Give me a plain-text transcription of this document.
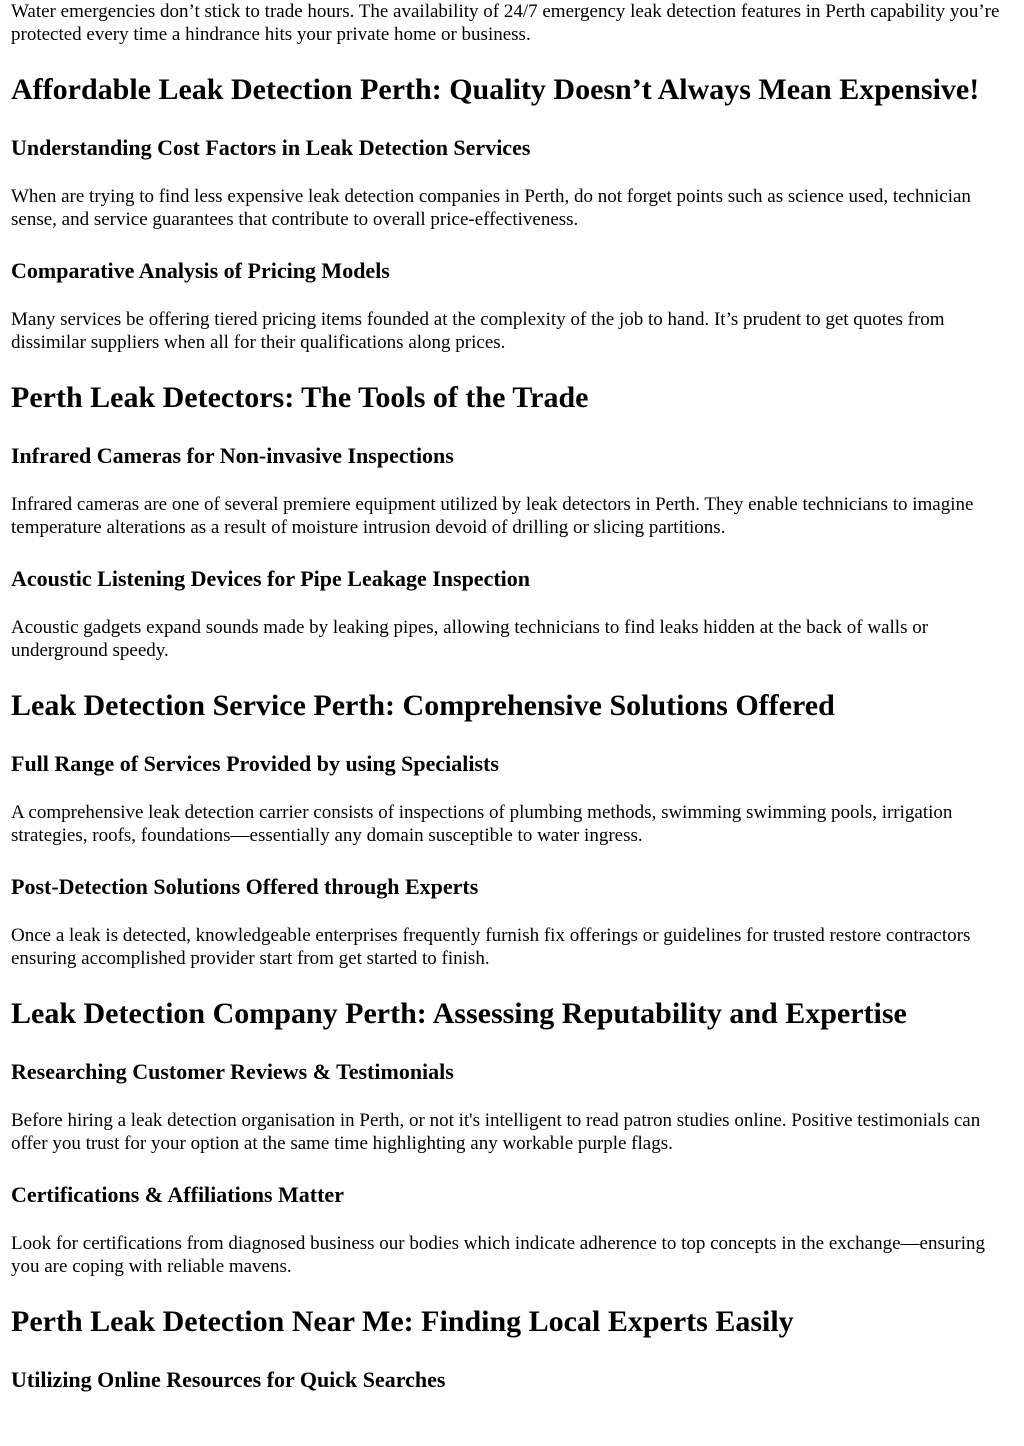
Water emergencies don’t stick to trade hours. The availability of 24/7 emergency leak detection features in Perth capability you’re protected every time a hindrance hits your private home or business.

Affordable Leak Detection Perth: Quality Doesn’t Always Mean Expensive!
Understanding Cost Factors in Leak Detection Services

When are trying to find less expensive leak detection companies in Perth, do not forget points such as science used, technician sense, and service guarantees that contribute to overall price-effectiveness.

Comparative Analysis of Pricing Models

Many services be offering tiered pricing items founded at the complexity of the job to hand. It’s prudent to get quotes from dissimilar suppliers when all for their qualifications along prices.

Perth Leak Detectors: The Tools of the Trade
Infrared Cameras for Non-invasive Inspections

Infrared cameras are one of several premiere equipment utilized by leak detectors in Perth. They enable technicians to imagine temperature alterations as a result of moisture intrusion devoid of drilling or slicing partitions.

Acoustic Listening Devices for Pipe Leakage Inspection

Acoustic gadgets expand sounds made by leaking pipes, allowing technicians to find leaks hidden at the back of walls or underground speedy.

Leak Detection Service Perth: Comprehensive Solutions Offered
Full Range of Services Provided by using Specialists

A comprehensive leak detection carrier consists of inspections of plumbing methods, swimming swimming pools, irrigation strategies, roofs, foundations—essentially any domain susceptible to water ingress.

Post-Detection Solutions Offered through Experts

Once a leak is detected, knowledgeable enterprises frequently furnish fix offerings or guidelines for trusted restore contractors ensuring accomplished provider start from get started to finish.

Leak Detection Company Perth: Assessing Reputability and Expertise
Researching Customer Reviews & Testimonials

Before hiring a leak detection organisation in Perth, or not it's intelligent to read patron studies online. Positive testimonials can offer you trust for your option at the same time highlighting any workable purple flags.

Certifications & Affiliations Matter

Look for certifications from diagnosed business our bodies which indicate adherence to top concepts in the exchange—ensuring you are coping with reliable mavens.

Perth Leak Detection Near Me: Finding Local Experts Easily
Utilizing Online Resources for Quick Searches
